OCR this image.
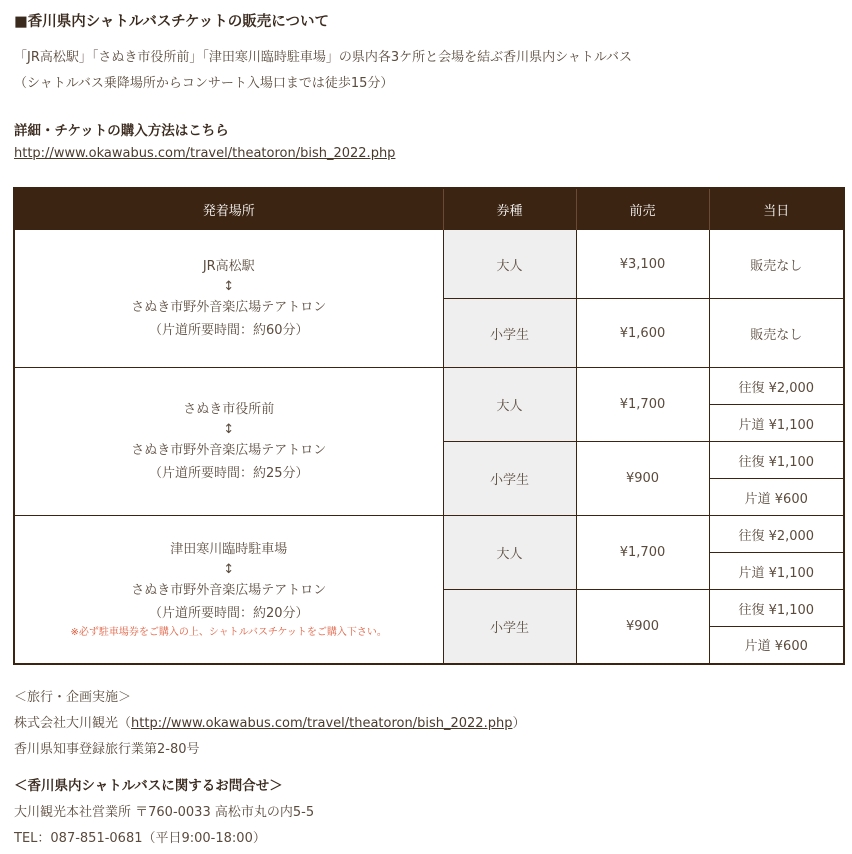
■香川県内シャトルバスチケットの販売について
「JR高松駅」「さぬき市役所前」「津田寒川臨時駐車場」の県内各3ケ所と会場を結ぶ香川県内シャトルバス
（シャトルバス乗降場所からコンサート入場口までは徒歩15分）
詳細・チケットの購入方法はこちら
http://www.okawabus.com/travel/theatoron/bish_2022.php
発着場所	券種	前売	当日

JR高松駅
↕
さぬき市野外音楽広場テアトロン
（片道所要時間：約60分）	大人	¥3,100	販売なし
	小学生	¥1,600	販売なし

さぬき市役所前
↕
さぬき市野外音楽広場テアトロン
（片道所要時間：約25分）	大人	¥1,700	往復 ¥2,000
			片道 ¥1,100
	小学生	¥900	往復 ¥1,100
			片道 ¥600

津田寒川臨時駐車場
↕
さぬき市野外音楽広場テアトロン
（片道所要時間：約20分）
※必ず駐車場券をご購入の上、シャトルバスチケットをご購入下さい。	大人	¥1,700	往復 ¥2,000
			片道 ¥1,100
	小学生	¥900	往復 ¥1,100
			片道 ¥600
＜旅行・企画実施＞
株式会社大川観光（http://www.okawabus.com/travel/theatoron/bish_2022.php）
香川県知事登録旅行業第2-80号
＜香川県内シャトルバスに関するお問合せ＞
大川観光本社営業所 〒760-0033 高松市丸の内5-5
TEL：087-851-0681（平日9:00-18:00）
